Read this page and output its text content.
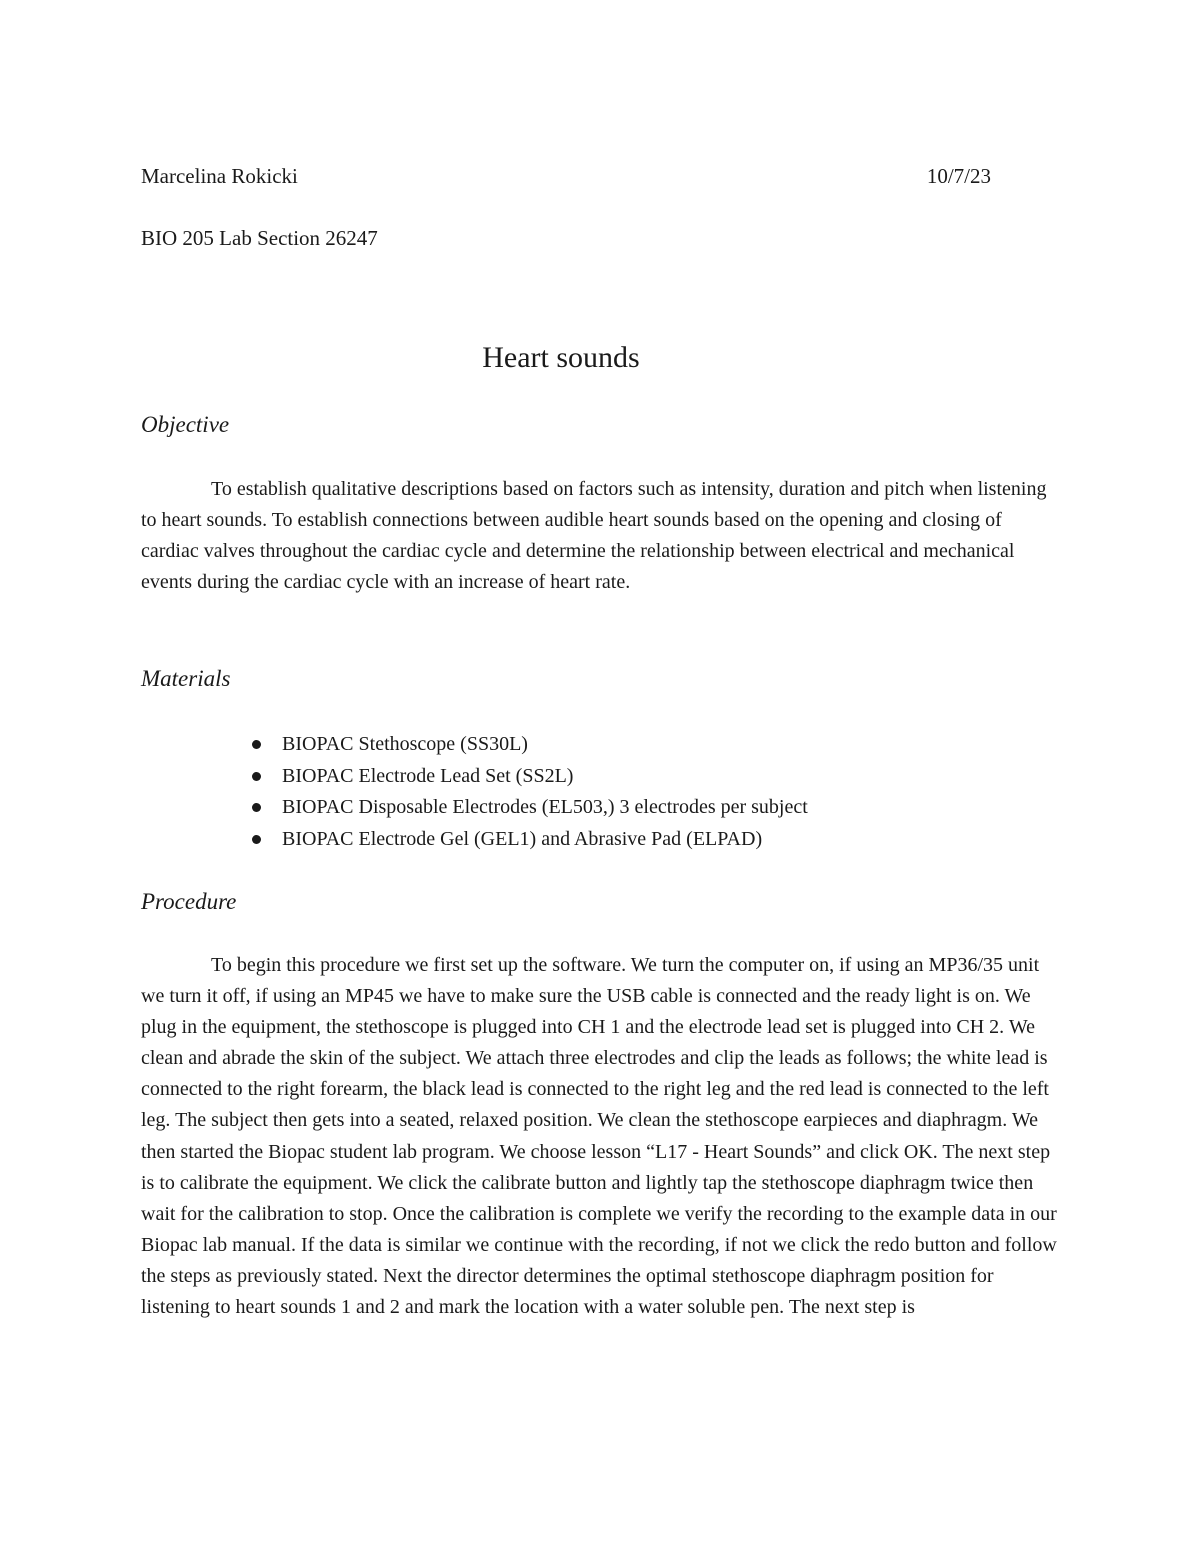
Marcelina Rokicki	10/7/23
BIO 205 Lab Section 26247
Heart sounds
Objective

To establish qualitative descriptions based on factors such as intensity, duration and pitch when listening to heart sounds. To establish connections between audible heart sounds based on the opening and closing of cardiac valves throughout the cardiac cycle and determine the relationship between electrical and mechanical events during the cardiac cycle with an increase of heart rate.

Materials
BIOPAC Stethoscope (SS30L)
BIOPAC Electrode Lead Set (SS2L)
BIOPAC Disposable Electrodes (EL503,) 3 electrodes per subject
BIOPAC Electrode Gel (GEL1) and Abrasive Pad (ELPAD)
Procedure

To begin this procedure we first set up the software. We turn the computer on, if using an MP36/35 unit we turn it off, if using an MP45 we have to make sure the USB cable is connected and the ready light is on. We plug in the equipment, the stethoscope is plugged into CH 1 and the electrode lead set is plugged into CH 2. We clean and abrade the skin of the subject. We attach three electrodes and clip the leads as follows; the white lead is connected to the right forearm, the black lead is connected to the right leg and the red lead is connected to the left leg. The subject then gets into a seated, relaxed position. We clean the stethoscope earpieces and diaphragm. We then started the Biopac student lab program. We choose lesson “L17 - Heart Sounds” and click OK. The next step is to calibrate the equipment. We click the calibrate button and lightly tap the stethoscope diaphragm twice then wait for the calibration to stop. Once the calibration is complete we verify the recording to the example data in our Biopac lab manual. If the data is similar we continue with the recording, if not we click the redo button and follow the steps as previously stated. Next the director determines the optimal stethoscope diaphragm position for listening to heart sounds 1 and 2 and mark the location with a water soluble pen. The next step is
